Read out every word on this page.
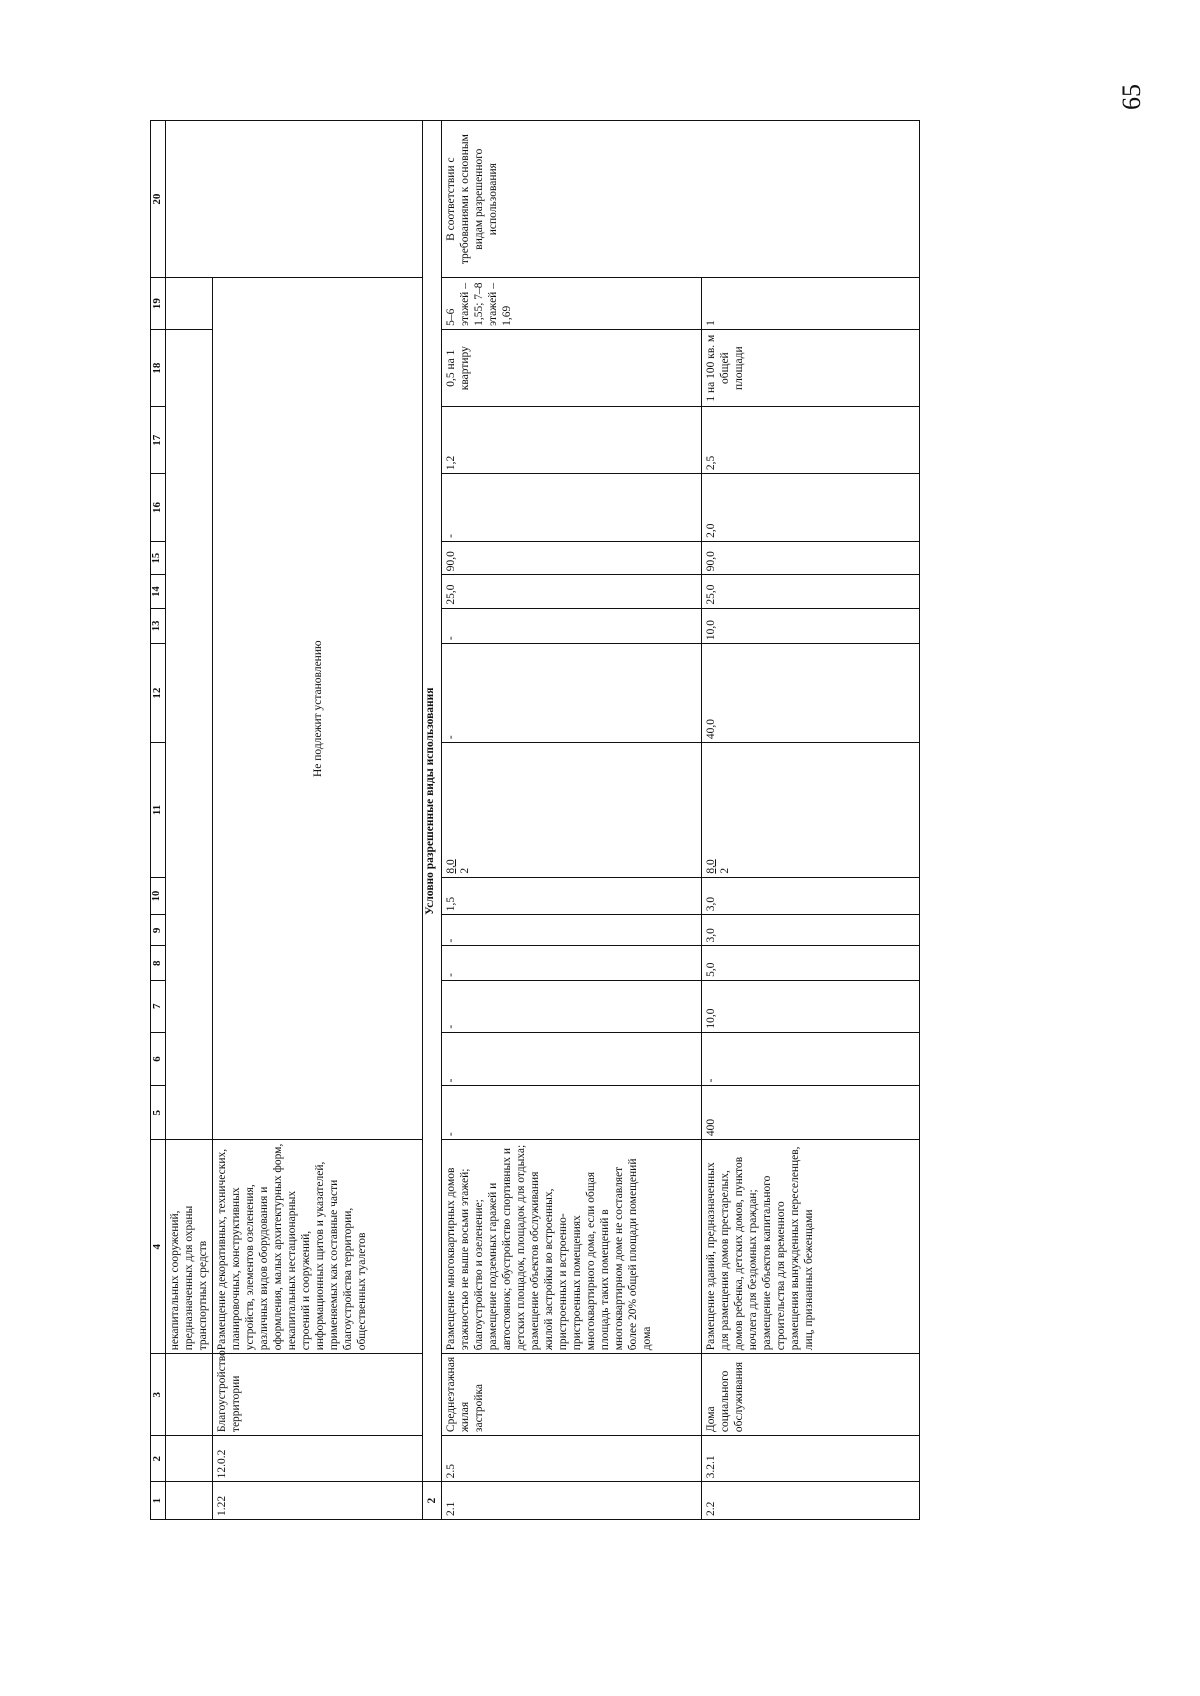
65
1	2	3	4	5	6	7	8	9	10	11	12	13	14	15	16	17	18	19	20
			некапитальных сооружений, предназначенных для охраны транспортных средств																
1.22	12.0.2	Благоустройство территории	Размещение декоративных, технических, планировочных, конструктивных устройств, элементов озеленения, различных видов оборудования и оформления, малых архитектурных форм, некапитальных нестационарных строений и сооружений, информационных щитов и указателей, применяемых как составные части благоустройства территории, общественных туалетов	Не подлежит установлению															
2	Условно разрешенные виды использования																		
2.1	2.5	Среднеэтажная жилая застройка	Размещение многоквартирных домов этажностью не выше восьми этажей; благоустройство и озеленение; размещение подземных гаражей и автостоянок; обустройство спортивных и детских площадок, площадок для отдыха; размещение объектов обслуживания жилой застройки во встроенных, пристроенных и встроенно-пристроенных помещениях многоквартирного дома, если общая площадь таких помещений в многоквартирном доме не составляет более 20% общей площади помещений дома	-	-	-	-	-	1,5	8,0 2	-	-	25,0	90,0	-	1,2	0,5 на 1 квартиру	5–6 этажей – 1,55; 7–8 этажей – 1,69	В соответствии с требованиями к основным видам разрешенного использования
2.2	3.2.1	Дома социального обслуживания	Размещение зданий, предназначенных для размещения домов престарелых, домов ребенка, детских домов, пунктов ночлега для бездомных граждан; размещение объектов капитального строительства для временного размещения вынужденных переселенцев, лиц, признанных беженцами	400	-	10,0	5,0	3,0	3,0	8,0 2	40,0	10,0	25,0	90,0	2,0	2,5	1 на 100 кв. м общей площади	1	
